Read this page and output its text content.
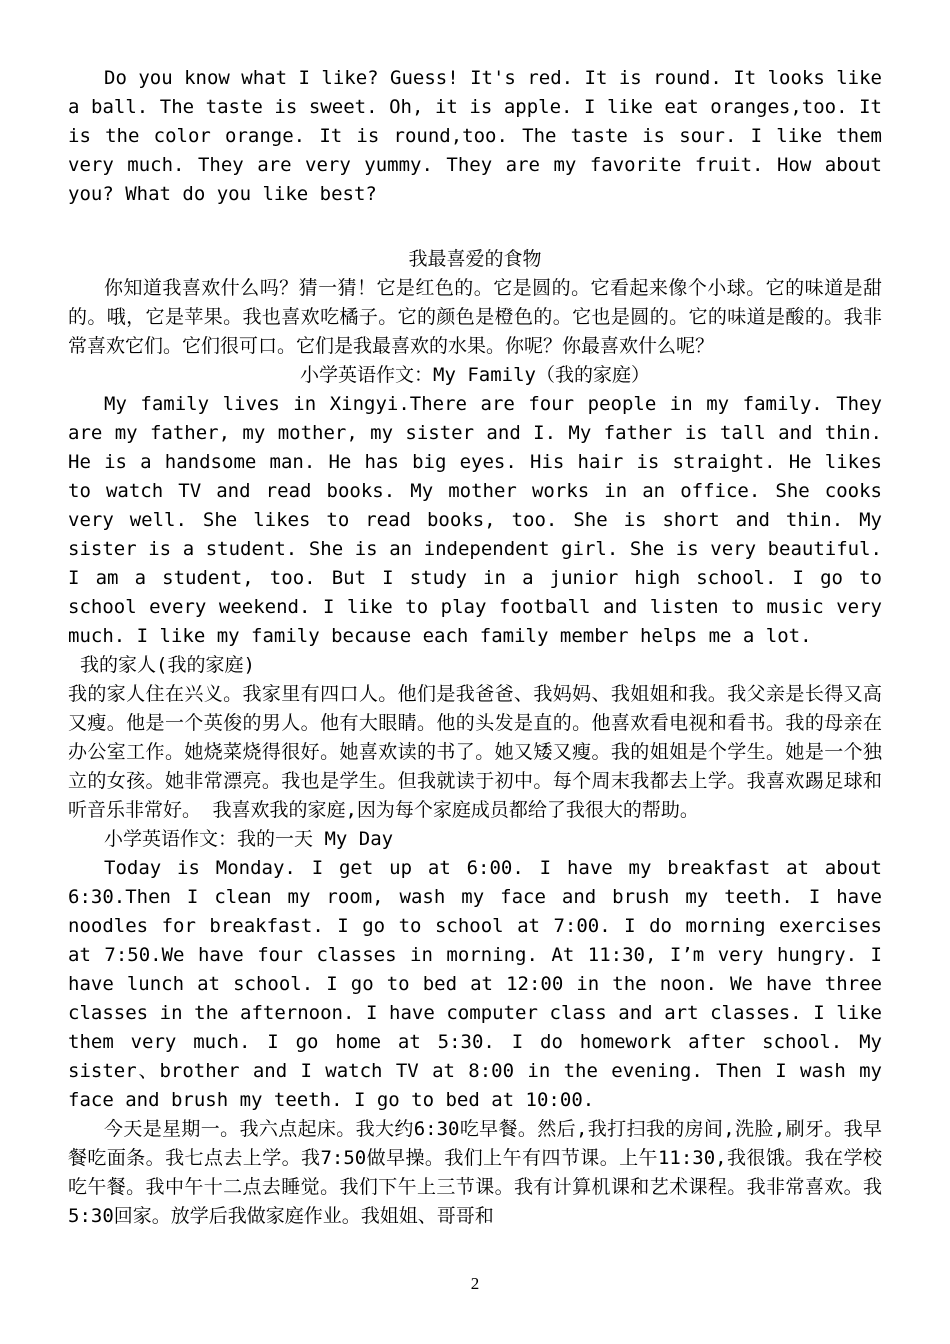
Do you know what I like? Guess! It's red. It is round. It looks like a ball. The taste is sweet. Oh, it is apple. I like eat oranges,too. It is the color orange. It is round,too. The taste is sour. I like them very much. They are very yummy. They are my favorite fruit. How about you? What do you like best?

我最喜爱的食物

你知道我喜欢什么吗？猜一猜！它是红色的。它是圆的。它看起来像个小球。它的味道是甜的。哦，它是苹果。我也喜欢吃橘子。它的颜色是橙色的。它也是圆的。它的味道是酸的。我非常喜欢它们。它们很可口。它们是我最喜欢的水果。你呢？你最喜欢什么呢？

小学英语作文：My Family（我的家庭）

My family lives in Xingyi.There are four people in my family. They are my father, my mother, my sister and I. My father is tall and thin. He is a handsome man. He has big eyes. His hair is straight. He likes to watch TV and read books. My mother works in an office. She cooks very well. She likes to read books, too. She is short and thin. My sister is a student. She is an independent girl. She is very beautiful. I am a student, too. But I study in a junior high school. I go to school every weekend. I like to play football and listen to music very much. I like my family because each family member helps me a lot.

我的家人(我的家庭)

我的家人住在兴义。我家里有四口人。他们是我爸爸、我妈妈、我姐姐和我。我父亲是长得又高又瘦。他是一个英俊的男人。他有大眼睛。他的头发是直的。他喜欢看电视和看书。我的母亲在办公室工作。她烧菜烧得很好。她喜欢读的书了。她又矮又瘦。我的姐姐是个学生。她是一个独立的女孩。她非常漂亮。我也是学生。但我就读于初中。每个周末我都去上学。我喜欢踢足球和听音乐非常好。 我喜欢我的家庭,因为每个家庭成员都给了我很大的帮助。

小学英语作文：我的一天 My Day

Today is Monday. I get up at 6:00. I have my breakfast at about 6:30.Then I clean my room, wash my face and brush my teeth. I have noodles for breakfast. I go to school at 7:00. I do morning exercises at 7:50.We have four classes in morning. At 11:30, I’m very hungry. I have lunch at school. I go to bed at 12:00 in the noon. We have three classes in the afternoon. I have computer class and art classes. I like them very much. I go home at 5:30. I do homework after school. My sister、brother and I watch TV at 8:00 in the evening. Then I wash my face and brush my teeth. I go to bed at 10:00.

今天是星期一。我六点起床。我大约6:30吃早餐。然后,我打扫我的房间,洗脸,刷牙。我早餐吃面条。我七点去上学。我7:50做早操。我们上午有四节课。上午11:30,我很饿。我在学校吃午餐。我中午十二点去睡觉。我们下午上三节课。我有计算机课和艺术课程。我非常喜欢。我5:30回家。放学后我做家庭作业。我姐姐、哥哥和

2
